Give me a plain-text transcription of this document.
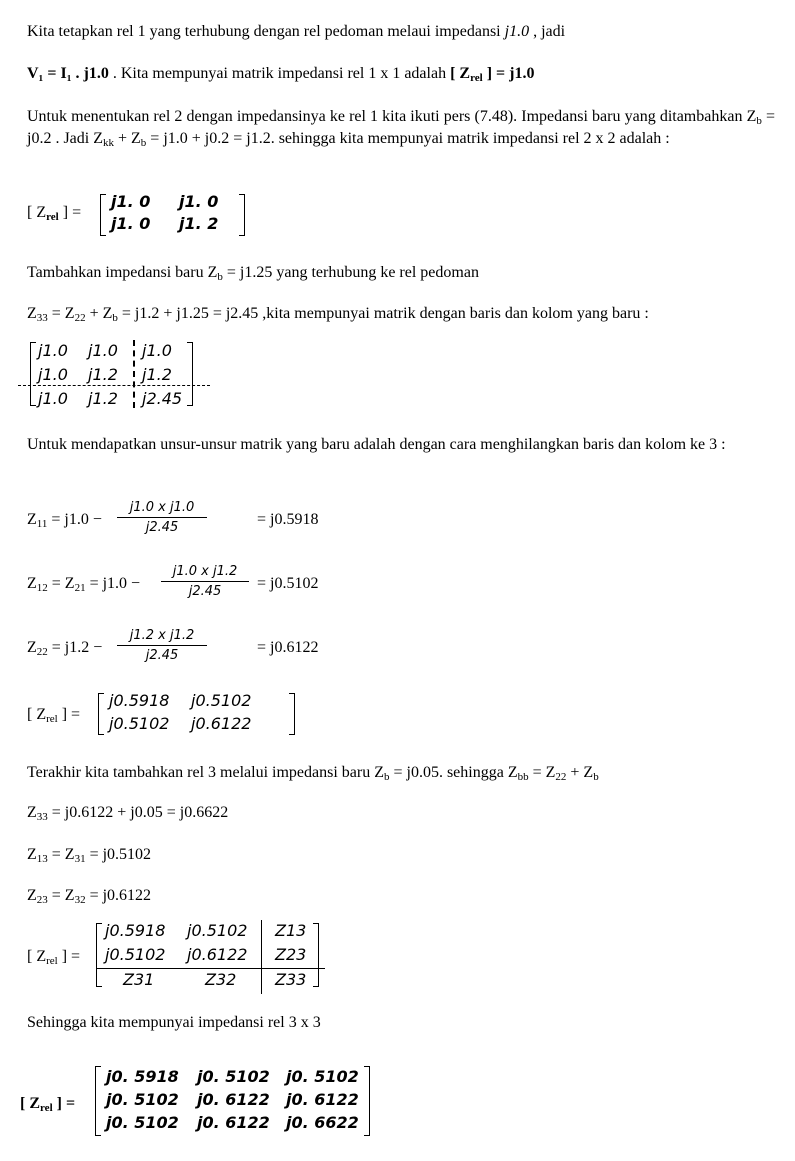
Kita tetapkan rel 1 yang terhubung dengan rel pedoman melaui impedansi j1.0 , jadi
V₁ = I₁ . j1.0 . Kita mempunyai matrik impedansi rel 1 x 1 adalah [ $Z_{rel}$ ] = j1.0
Untuk menentukan rel 2 dengan impedansinya ke rel 1 kita ikuti pers (7.48). Impedansi baru yang ditambahkan $Z_b = j0.2$ . Jadi $Z_{kk} + Z_b = j1.0 + j0.2 = j1.2$. sehingga kita mempunyai matrik impedansi rel 2 x 2 adalah :
[ $Z_{rel}$ ] =
j1. 0 j1. 0
j1. 0 j1. 2
Tambahkan impedansi baru $Z_b = j1.25$ yang terhubung ke rel pedoman
$Z_{33} = Z_{22} + Z_b = j1.2 + j1.25 = j2.45$ ,kita mempunyai matrik dengan baris dan kolom yang baru :
j1.0 j1.0 j1.0
j1.0 j1.2 j1.2
j1.0 j1.2 j2.45
Untuk mendapatkan unsur-unsur matrik yang baru adalah dengan cara menghilangkan baris dan kolom ke 3 :
$Z_{11} = j1.0$ −
j1.0 x j1.0
j2.45	= j0.5918
$Z_{12} = Z_{21} = j1.0$ −
j1.0 x j1.2
j2.45	= j0.5102
$Z_{22} = j1.2$ −
j1.2 x j1.2
j2.45	= j0.6122
[ $Z_{rel}$ ] =
j0.5918 j0.5102
j0.5102 j0.6122
Terakhir kita tambahkan rel 3 melalui impedansi baru $Z_b = j0.05$. sehingga $Z_{bb} = Z_{22} + Z_b$
$Z_{33} = j0.6122 + j0.05 = j0.6622$
$Z_{13} = Z_{31} = j0.5102$
$Z_{23} = Z_{32} = j0.6122$
[ $Z_{rel}$ ] =
j0.5918 j0.5102 Z13
j0.5102 j0.6122 Z23
Z31	Z32 Z33
Sehingga kita mempunyai impedansi rel 3 x 3
[ $Z_{rel}$ ] =
j0. 5918 j0. 5102 j0. 5102
j0. 5102 j0. 6122 j0. 6122
j0. 5102 j0. 6122 j0. 6622
